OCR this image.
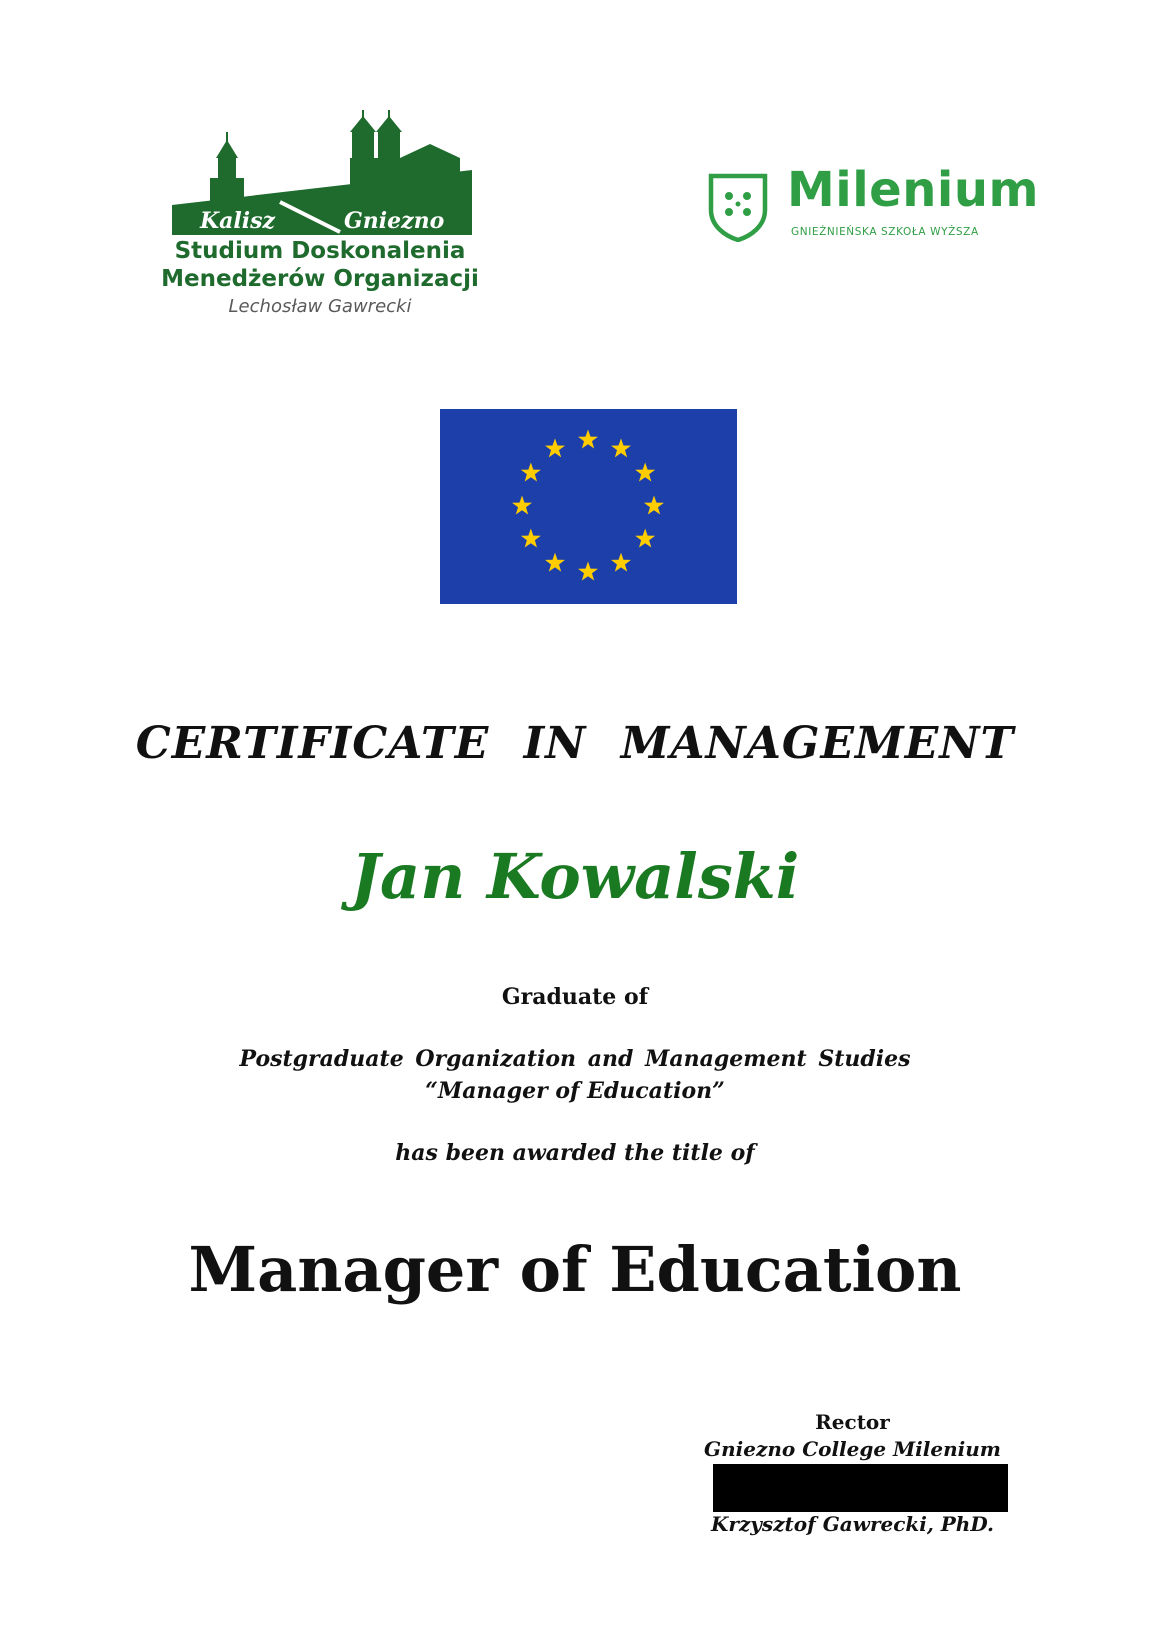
Kalisz	Gniezno
Studium Doskonalenia
Menedżerów Organizacji
Lechosław Gawrecki
Milenium
GNIEŹNIEŃSKA SZKOŁA WYŻSZA
CERTIFICATE IN MANAGEMENT
Jan Kowalski
Graduate of
Postgraduate Organization and Management Studies
“Manager of Education”
has been awarded the title of
Manager of Education
Rector
Gniezno College Milenium
Krzysztof Gawrecki, PhD.
